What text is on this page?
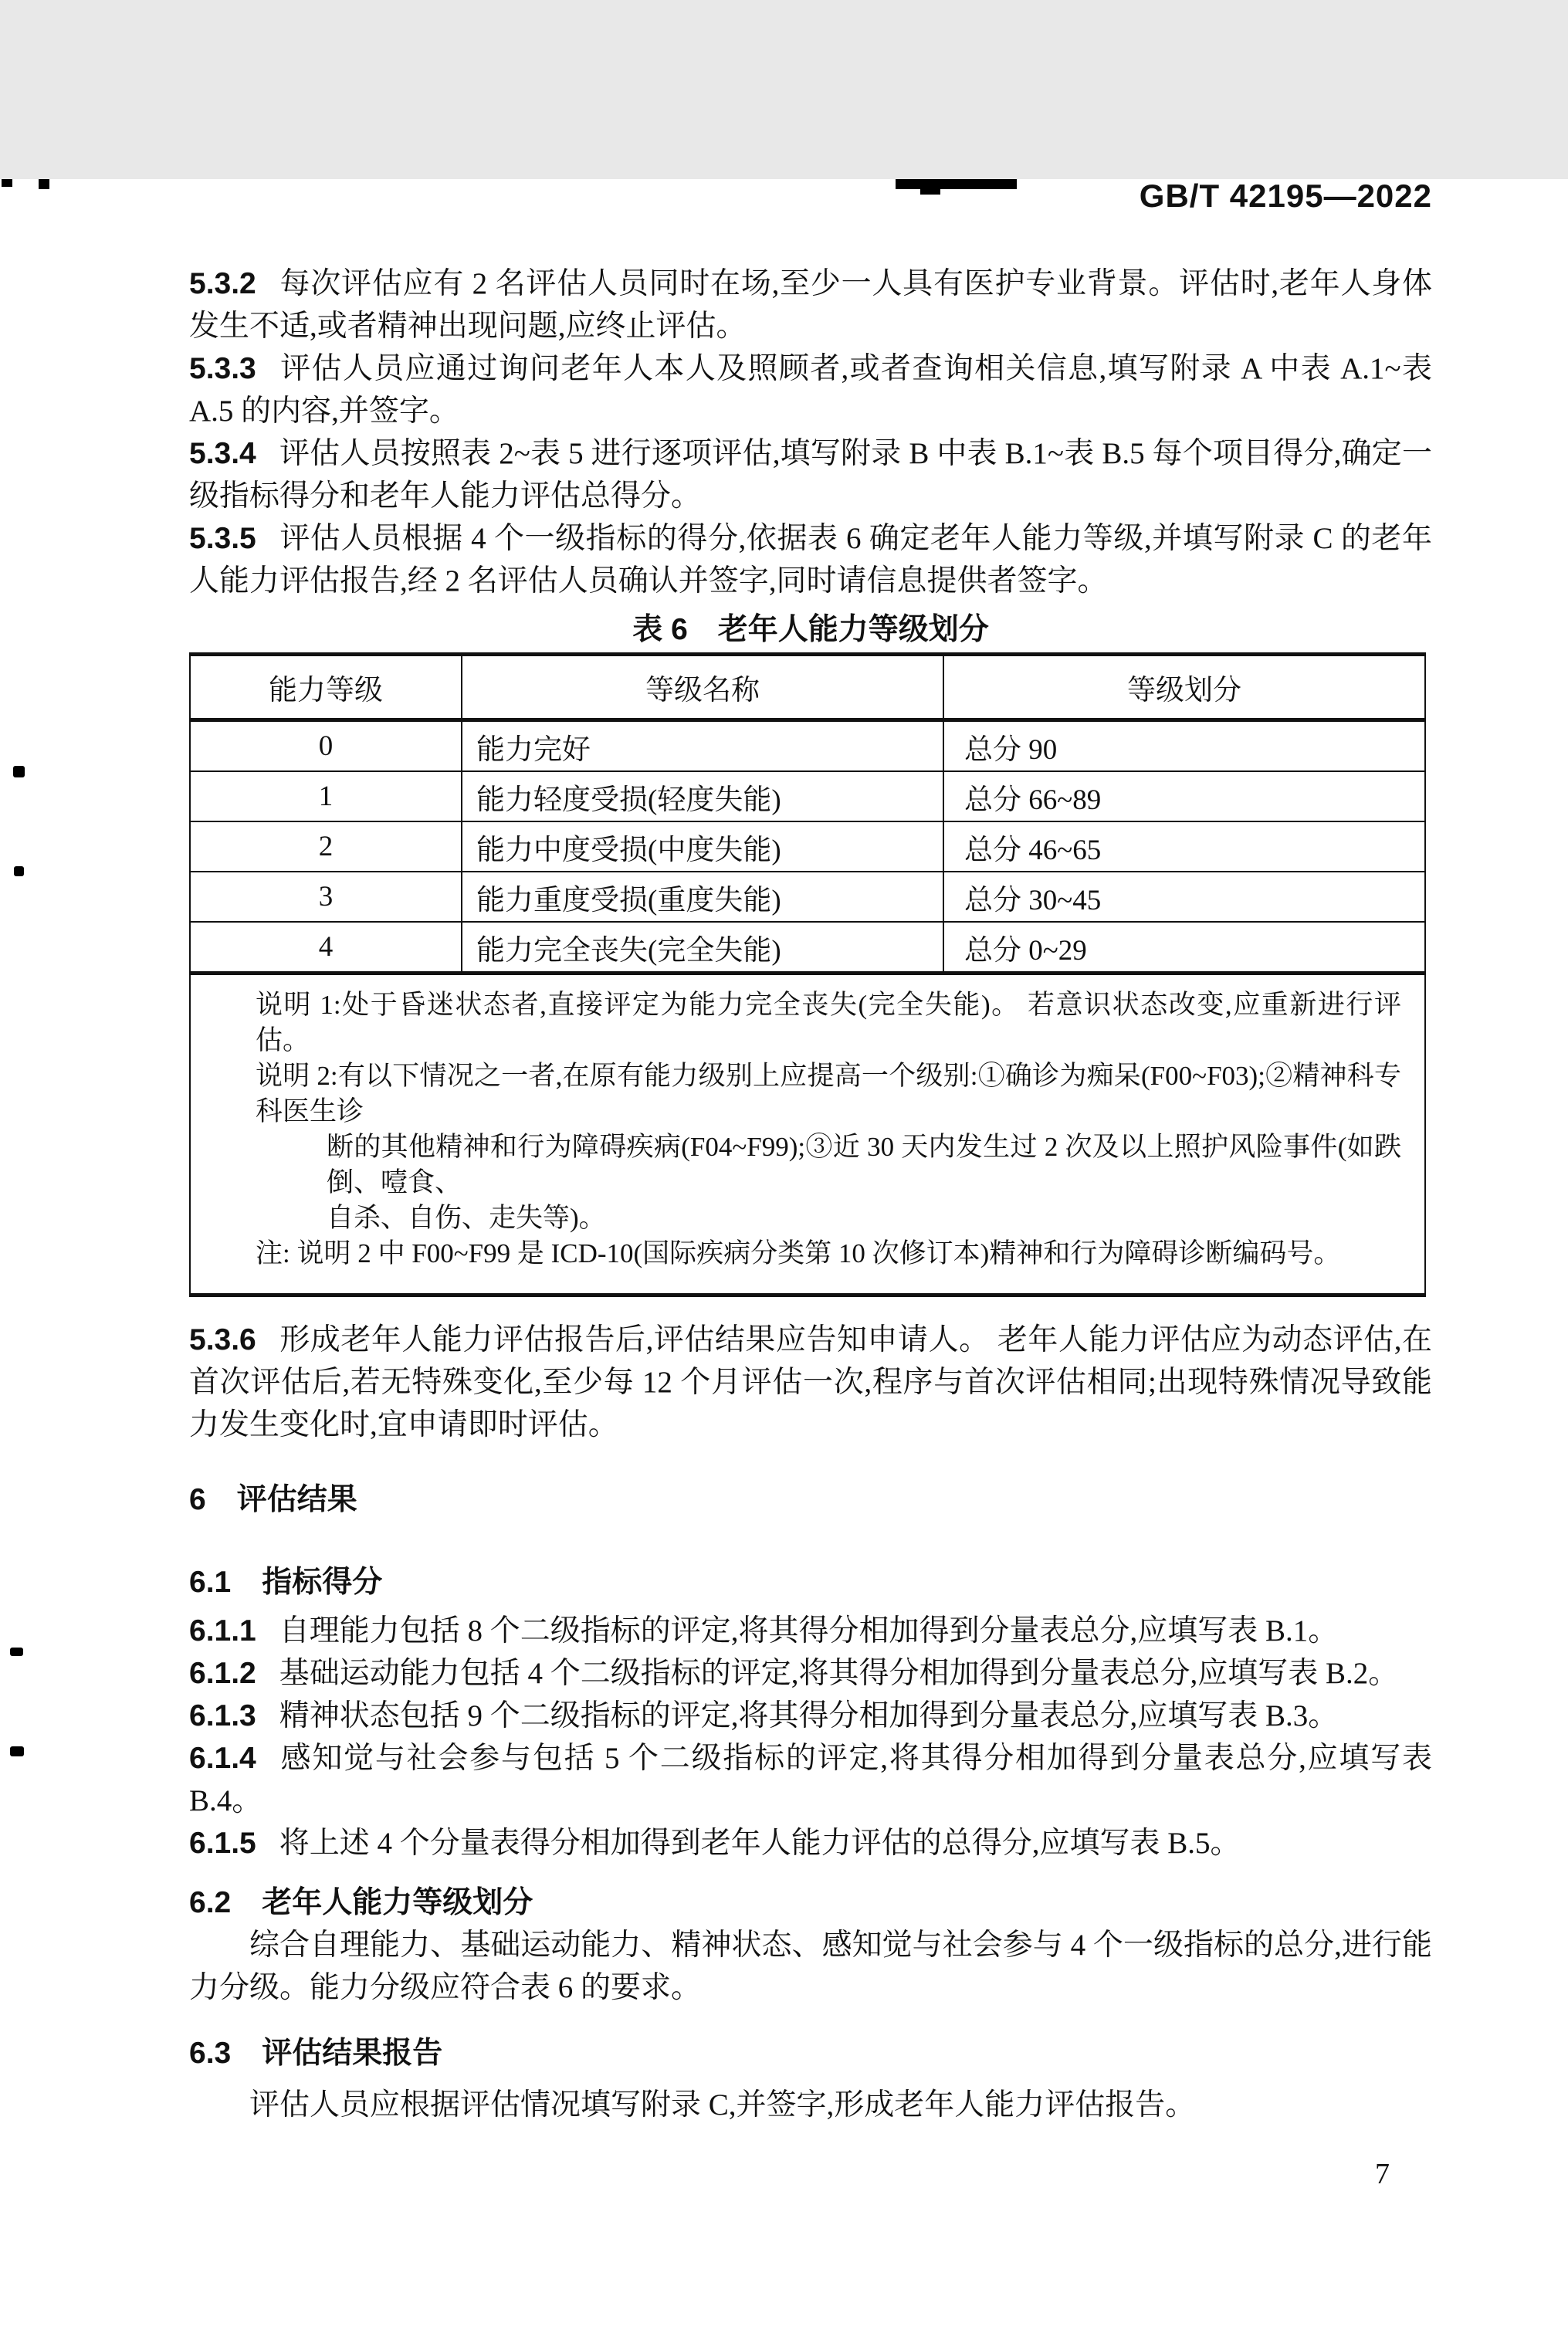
GB/T 42195—2022
5.3.2 每次评估应有 2 名评估人员同时在场,至少一人具有医护专业背景。评估时,老年人身体发生不适,或者精神出现问题,应终止评估。
5.3.3 评估人员应通过询问老年人本人及照顾者,或者查询相关信息,填写附录 A 中表 A.1~表 A.5 的内容,并签字。
5.3.4 评估人员按照表 2~表 5 进行逐项评估,填写附录 B 中表 B.1~表 B.5 每个项目得分,确定一级指标得分和老年人能力评估总得分。
5.3.5 评估人员根据 4 个一级指标的得分,依据表 6 确定老年人能力等级,并填写附录 C 的老年人能力评估报告,经 2 名评估人员确认并签字,同时请信息提供者签字。
表 6　老年人能力等级划分
能力等级	等级名称	等级划分
0	能力完好	总分 90
1	能力轻度受损(轻度失能)	总分 66~89
2	能力中度受损(中度失能)	总分 46~65
3	能力重度受损(重度失能)	总分 30~45
4	能力完全丧失(完全失能)	总分 0~29

说明 1:处于昏迷状态者,直接评定为能力完全丧失(完全失能)。 若意识状态改变,应重新进行评估。
说明 2:有以下情况之一者,在原有能力级别上应提高一个级别:①确诊为痴呆(F00~F03);②精神科专科医生诊
断的其他精神和行为障碍疾病(F04~F99);③近 30 天内发生过 2 次及以上照护风险事件(如跌倒、噎食、
自杀、自伤、走失等)。
注: 说明 2 中 F00~F99 是 ICD-10(国际疾病分类第 10 次修订本)精神和行为障碍诊断编码号。		
5.3.6 形成老年人能力评估报告后,评估结果应告知申请人。 老年人能力评估应为动态评估,在首次评估后,若无特殊变化,至少每 12 个月评估一次,程序与首次评估相同;出现特殊情况导致能力发生变化时,宜申请即时评估。
6 评估结果
6.1 指标得分
6.1.1 自理能力包括 8 个二级指标的评定,将其得分相加得到分量表总分,应填写表 B.1。
6.1.2 基础运动能力包括 4 个二级指标的评定,将其得分相加得到分量表总分,应填写表 B.2。
6.1.3 精神状态包括 9 个二级指标的评定,将其得分相加得到分量表总分,应填写表 B.3。
6.1.4 感知觉与社会参与包括 5 个二级指标的评定,将其得分相加得到分量表总分,应填写表 B.4。
6.1.5 将上述 4 个分量表得分相加得到老年人能力评估的总得分,应填写表 B.5。
6.2 老年人能力等级划分
综合自理能力、基础运动能力、精神状态、感知觉与社会参与 4 个一级指标的总分,进行能力分级。能力分级应符合表 6 的要求。
6.3 评估结果报告
评估人员应根据评估情况填写附录 C,并签字,形成老年人能力评估报告。
7
